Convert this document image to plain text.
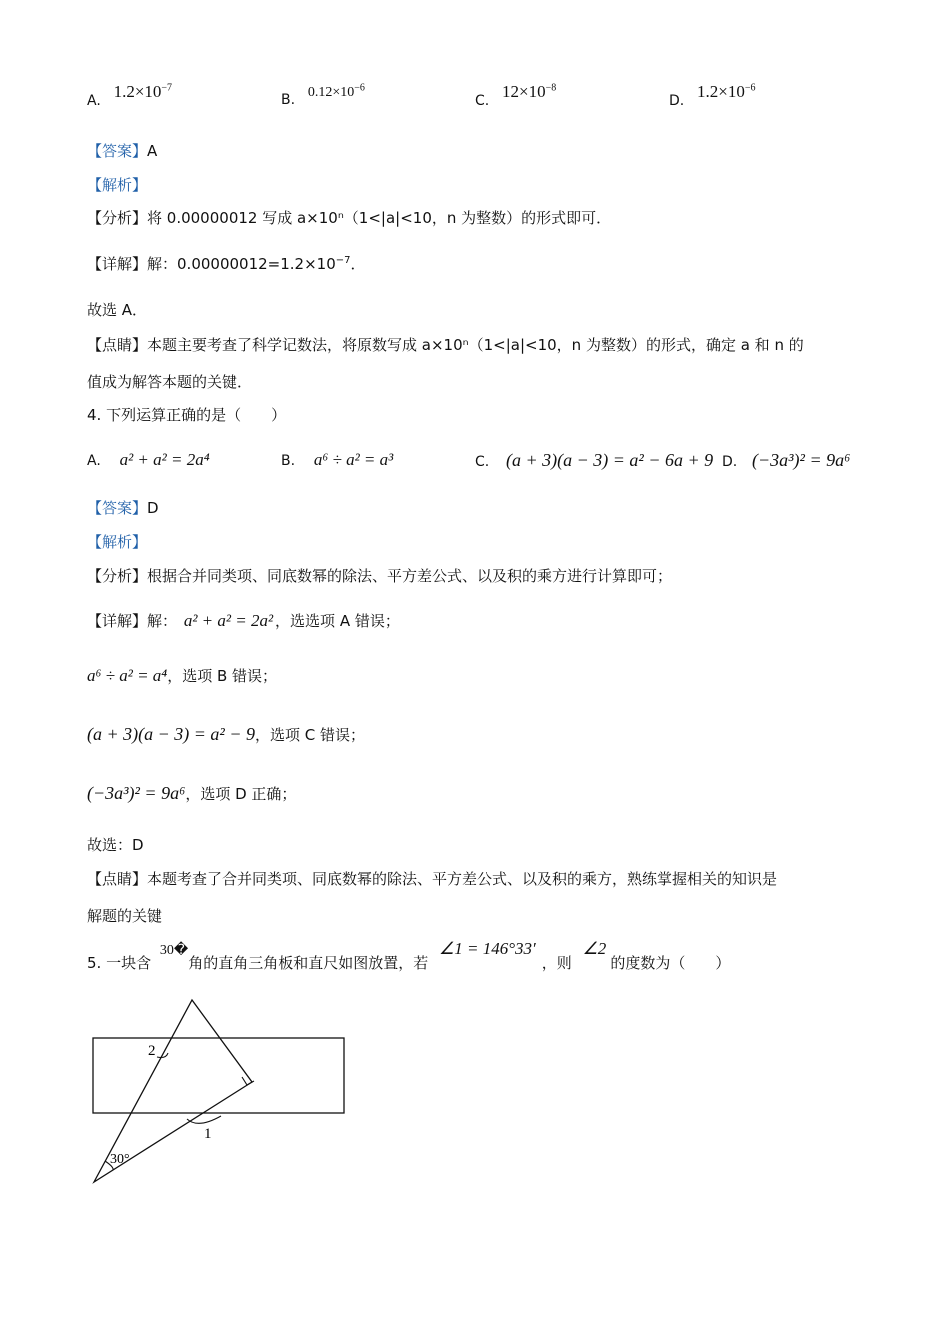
A. $1.2\times 10^{-7}$
B. $0.12\times 10^{-6}$
C. $12\times 10^{-8}$
D. $1.2\times 10^{-6}$
【答案】A
【解析】
【分析】将 0.00000012 写成 a×10ⁿ（1<|a|<10，n 为整数）的形式即可．
【详解】解：$0.00000012=1.2\times 10^{-7}$．
故选 A．
【点睛】本题主要考查了科学记数法，将原数写成 a×10ⁿ（1<|a|<10，n 为整数）的形式，确定 a 和 n 的
值成为解答本题的关键．
4. 下列运算正确的是（　　）
A. a² + a² = 2a⁴	B. a⁶ ÷ a² = a³	C. (a + 3)(a − 3) = a² − 6a + 9 D. (−3a³)² = 9a⁶
【答案】D
【解析】
【分析】根据合并同类项、同底数幂的除法、平方差公式、以及积的乘方进行计算即可；
【详解】解： a² + a² = 2a² ，选选项 A 错误；
a⁶ ÷ a² = a⁴，选项 B 错误；
(a + 3)(a − 3) = a² − 9，选项 C 错误；
(−3a³)² = 9a⁶，选项 D 正确；
故选：D
【点睛】本题考查了合并同类项、同底数幂的除法、平方差公式、以及积的乘方，熟练掌握相关的知识是
解题的关键
5. 一块含 30�角的直角三角板和直尺如图放置，若 ∠1 = 146°33′，则 ∠2的度数为（　　）
2
1
30°
